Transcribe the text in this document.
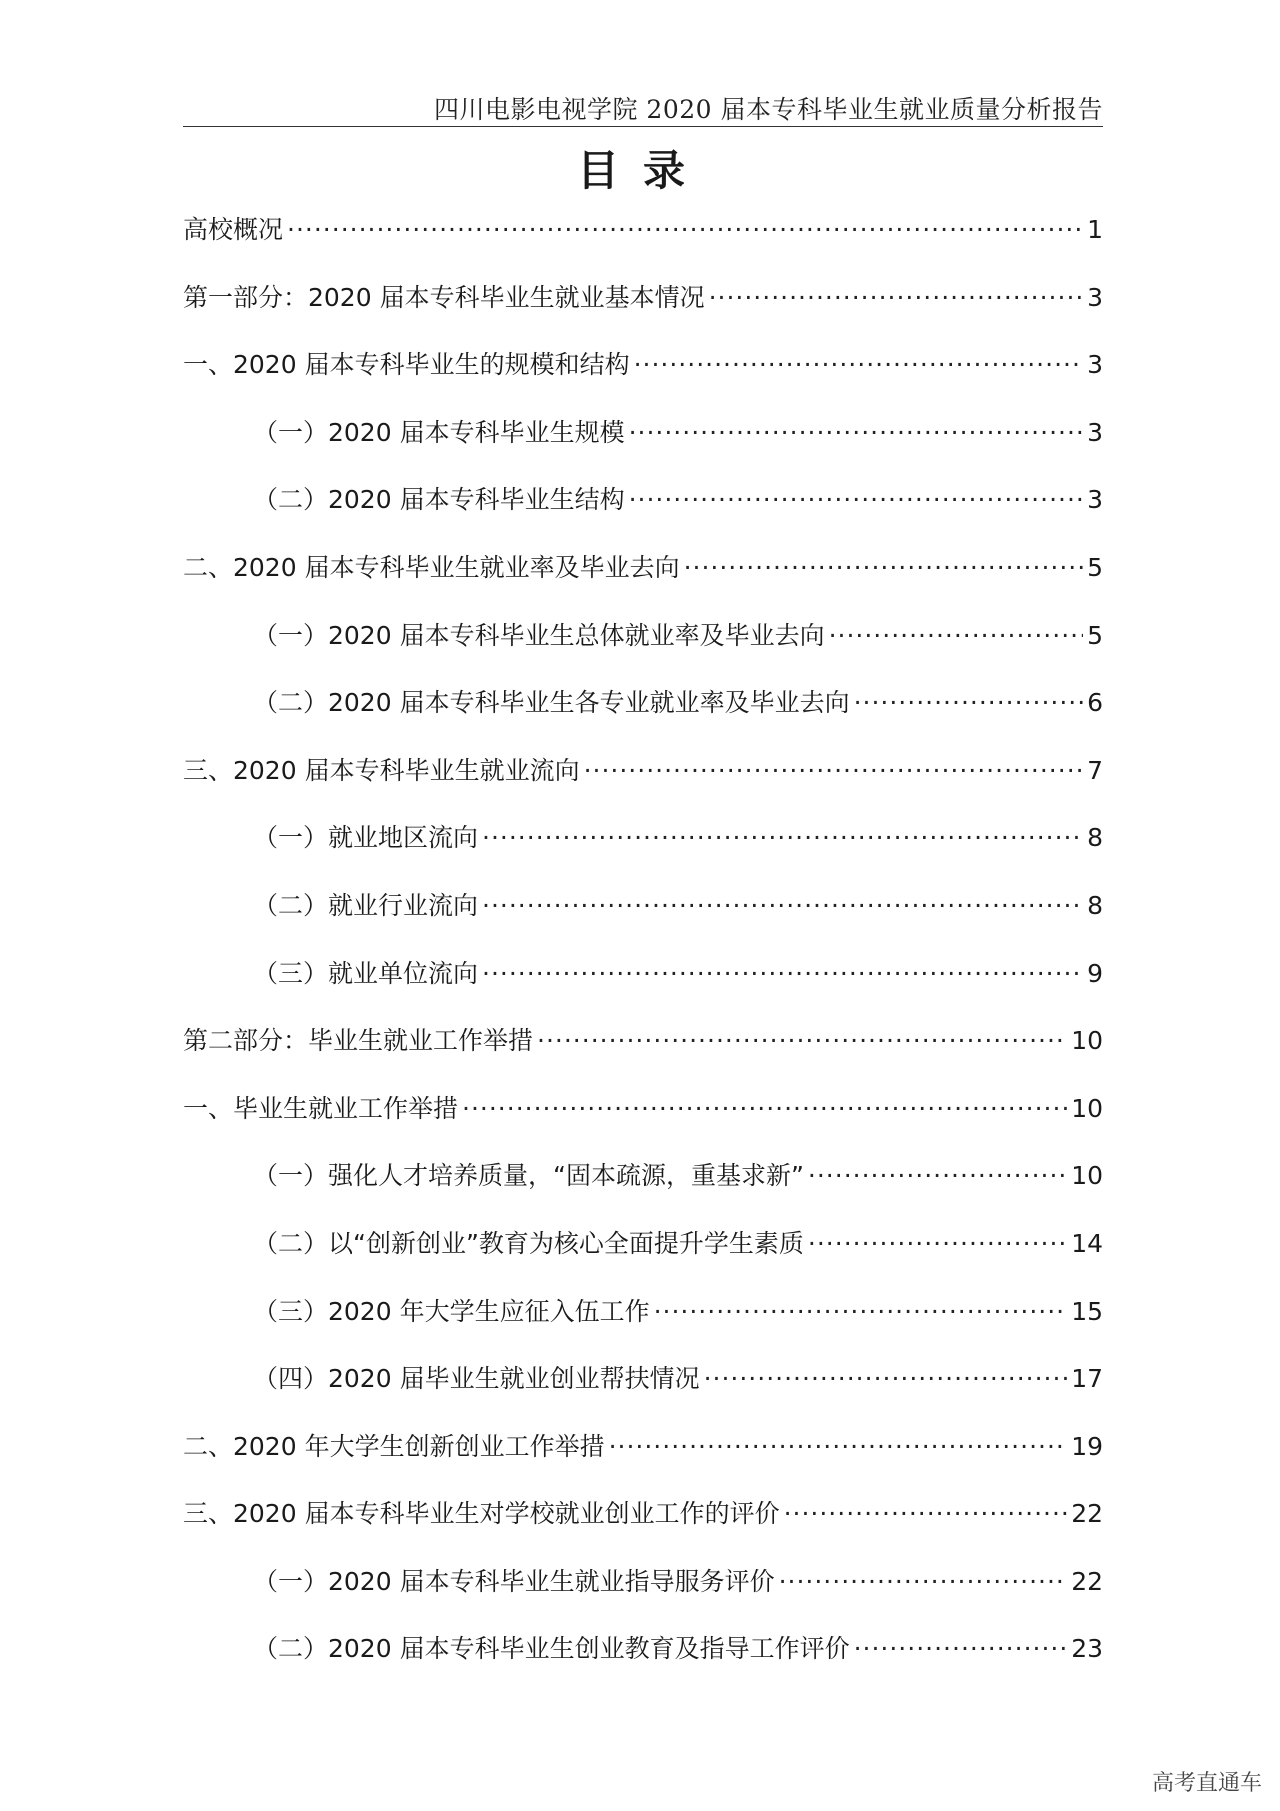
四川电影电视学院 2020 届本专科毕业生就业质量分析报告
目录
高校概况 ·····	1
第一部分：2020 届本专科毕业生就业基本情况 ·····	3
一、2020 届本专科毕业生的规模和结构 ·····	3
（一）2020 届本专科毕业生规模 ·····	3
（二）2020 届本专科毕业生结构 ·····	3
二、2020 届本专科毕业生就业率及毕业去向 ·····	5
（一）2020 届本专科毕业生总体就业率及毕业去向 ·····	5
（二）2020 届本专科毕业生各专业就业率及毕业去向 ·····	6
三、2020 届本专科毕业生就业流向 ·····	7
（一）就业地区流向 ·····	8
（二）就业行业流向 ·····	8
（三）就业单位流向 ·····	9
第二部分：毕业生就业工作举措 ·····	10
一、毕业生就业工作举措 ·····	10
（一）强化人才培养质量，“固本疏源，重基求新” ·····	10
（二）以“创新创业”教育为核心全面提升学生素质 ·····	14
（三）2020 年大学生应征入伍工作 ·····	15
（四）2020 届毕业生就业创业帮扶情况 ·····	17
二、2020 年大学生创新创业工作举措 ·····	19
三、2020 届本专科毕业生对学校就业创业工作的评价 ·····	22
（一）2020 届本专科毕业生就业指导服务评价 ·····	22
（二）2020 届本专科毕业生创业教育及指导工作评价 ·····	23
高考直通车
